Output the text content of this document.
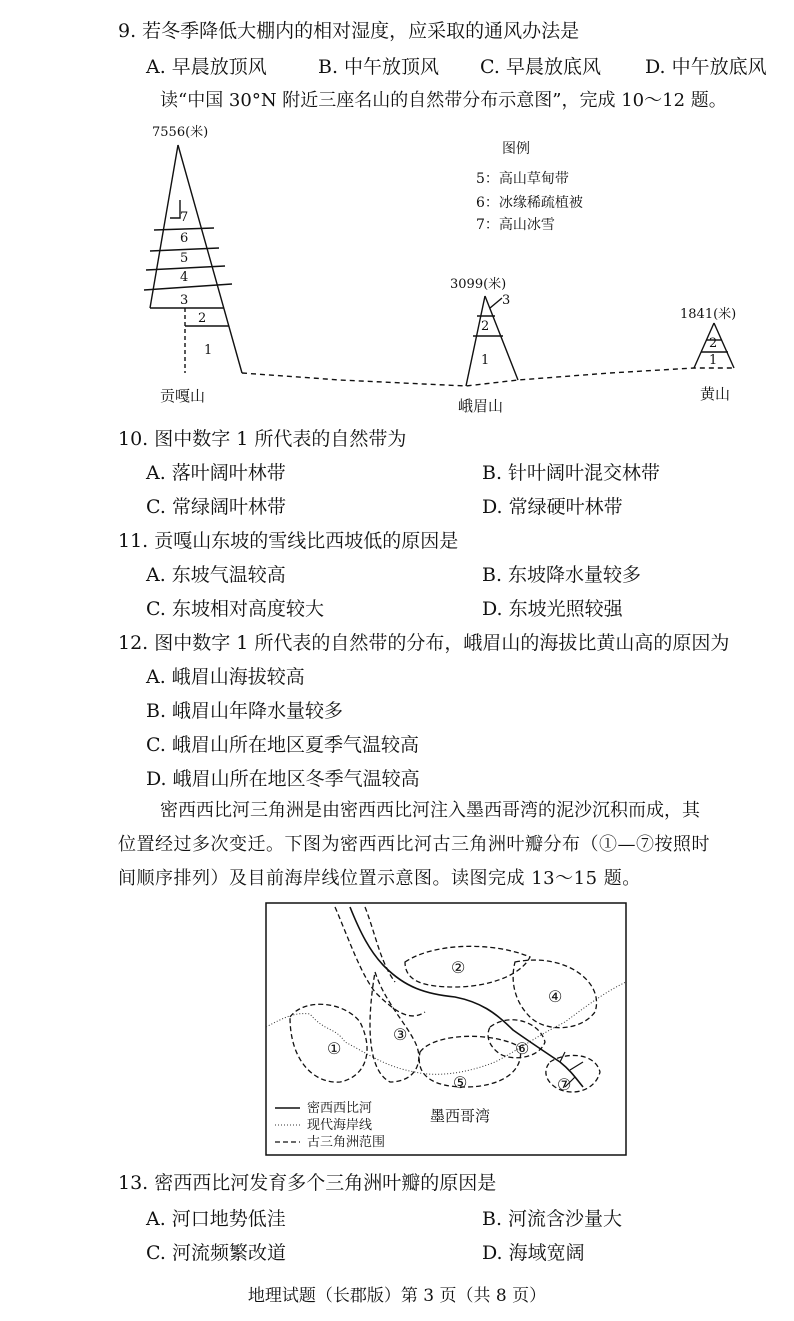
9. 若冬季降低大棚内的相对湿度，应采取的通风办法是
A. 早晨放顶风	B. 中午放顶风 C. 早晨放底风 D. 中午放底风
读“中国 30°N 附近三座名山的自然带分布示意图”，完成 10～12 题。
7556(米)
7
6
5
4
3
2
1
贡嘎山
3099(米)
3
2
1
峨眉山
1841(米)
2
1
黄山
图例
5：高山草甸带
6：冰缘稀疏植被
7：高山冰雪
10. 图中数字 1 所代表的自然带为
A. 落叶阔叶林带	B. 针叶阔叶混交林带
C. 常绿阔叶林带	D. 常绿硬叶林带
11. 贡嘎山东坡的雪线比西坡低的原因是
A. 东坡气温较高	B. 东坡降水量较多
C. 东坡相对高度较大	D. 东坡光照较强
12. 图中数字 1 所代表的自然带的分布，峨眉山的海拔比黄山高的原因为
A. 峨眉山海拔较高
B. 峨眉山年降水量较多
C. 峨眉山所在地区夏季气温较高
D. 峨眉山所在地区冬季气温较高
密西西比河三角洲是由密西西比河注入墨西哥湾的泥沙沉积而成，其
位置经过多次变迁。下图为密西西比河古三角洲叶瓣分布（①—⑦按照时
间顺序排列）及目前海岸线位置示意图。读图完成 13～15 题。
①
②
③
④
⑤
⑥
⑦
墨西哥湾
密西西比河
现代海岸线
古三角洲范围
13. 密西西比河发育多个三角洲叶瓣的原因是
A. 河口地势低洼	B. 河流含沙量大
C. 河流频繁改道	D. 海域宽阔
地理试题（长郡版）第 3 页（共 8 页）
